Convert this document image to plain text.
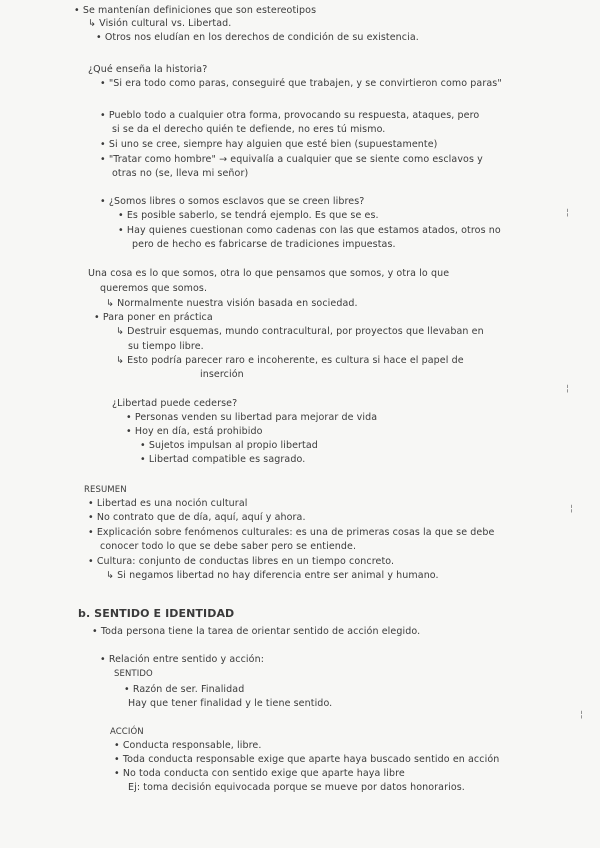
• Se mantenían definiciones que son estereotipos
↳ Visión cultural vs. Libertad.
• Otros nos eludían en los derechos de condición de su existencia.
¿Qué enseña la historia?
• "Si era todo como paras, conseguiré que trabajen, y se convirtieron como paras"
• Pueblo todo a cualquier otra forma, provocando su respuesta, ataques, pero
si se da el derecho quién te defiende, no eres tú mismo.
• Si uno se cree, siempre hay alguien que esté bien (supuestamente)
• "Tratar como hombre" → equivalía a cualquier que se siente como esclavos y
otras no (se, lleva mi señor)
• ¿Somos libres o somos esclavos que se creen libres?
• Es posible saberlo, se tendrá ejemplo. Es que se es.
• Hay quienes cuestionan como cadenas con las que estamos atados, otros no
pero de hecho es fabricarse de tradiciones impuestas.
Una cosa es lo que somos, otra lo que pensamos que somos, y otra lo que
queremos que somos.
↳ Normalmente nuestra visión basada en sociedad.
• Para poner en práctica
↳ Destruir esquemas, mundo contracultural, por proyectos que llevaban en
su tiempo libre.
↳ Esto podría parecer raro e incoherente, es cultura si hace el papel de
inserción
¿Libertad puede cederse?
• Personas venden su libertad para mejorar de vida
• Hoy en día, está prohibido
• Sujetos impulsan al propio libertad
• Libertad compatible es sagrado.
RESUMEN
• Libertad es una noción cultural
• No contrato que de día, aquí, aquí y ahora.
• Explicación sobre fenómenos culturales: es una de primeras cosas la que se debe
conocer todo lo que se debe saber pero se entiende.
• Cultura: conjunto de conductas libres en un tiempo concreto.
↳ Si negamos libertad no hay diferencia entre ser animal y humano.
b. SENTIDO E IDENTIDAD
• Toda persona tiene la tarea de orientar sentido de acción elegido.
• Relación entre sentido y acción:
SENTIDO
• Razón de ser. Finalidad
Hay que tener finalidad y le tiene sentido.
ACCIÓN
• Conducta responsable, libre.
• Toda conducta responsable exige que aparte haya buscado sentido en acción
• No toda conducta con sentido exige que aparte haya libre
Ej: toma decisión equivocada porque se mueve por datos honorarios.
¦
¦
¦
¦
